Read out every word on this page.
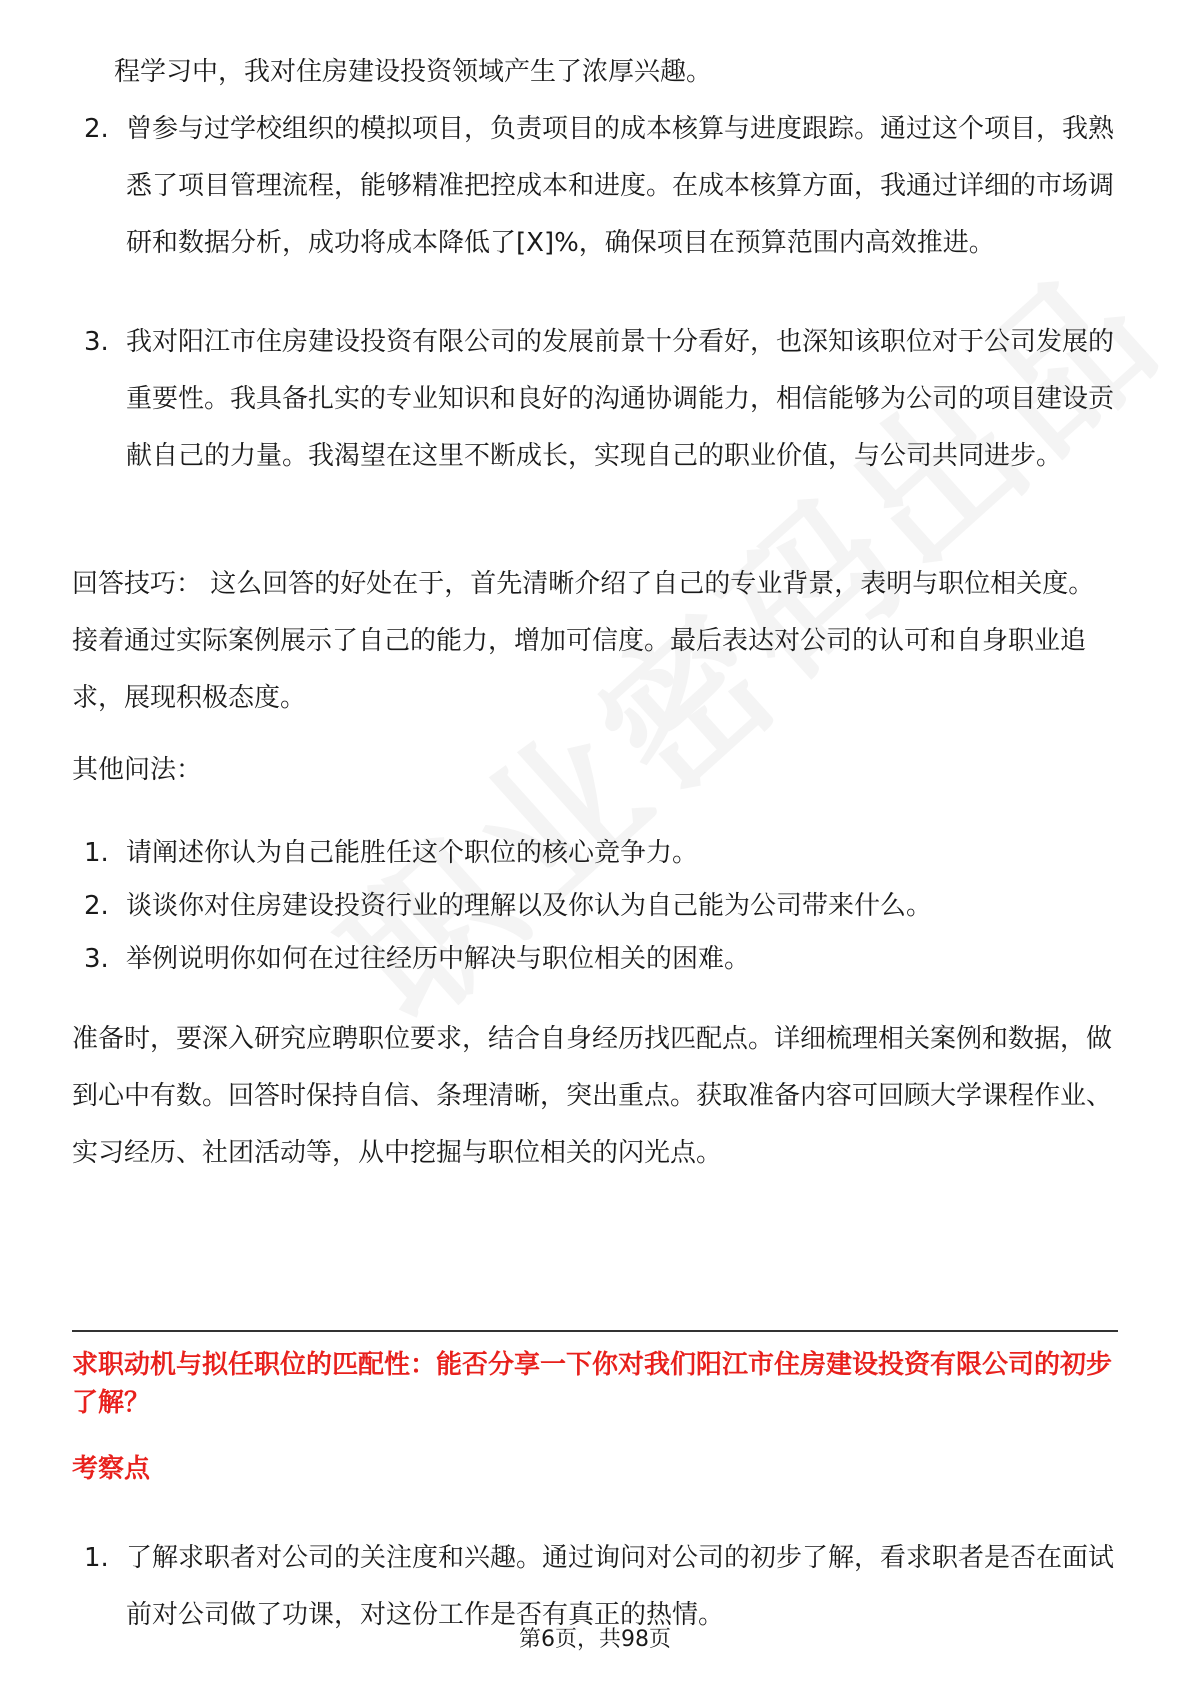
程学习中，我对住房建设投资领域产生了浓厚兴趣。
2. 曾参与过学校组织的模拟项目，负责项目的成本核算与进度跟踪。通过这个项目，我熟悉了项目管理流程，能够精准把控成本和进度。在成本核算方面，我通过详细的市场调研和数据分析，成功将成本降低了[X]%，确保项目在预算范围内高效推进。
3. 我对阳江市住房建设投资有限公司的发展前景十分看好，也深知该职位对于公司发展的重要性。我具备扎实的专业知识和良好的沟通协调能力，相信能够为公司的项目建设贡献自己的力量。我渴望在这里不断成长，实现自己的职业价值，与公司共同进步。
回答技巧： 这么回答的好处在于，首先清晰介绍了自己的专业背景，表明与职位相关度。接着通过实际案例展示了自己的能力，增加可信度。最后表达对公司的认可和自身职业追求，展现积极态度。
其他问法：
1. 请阐述你认为自己能胜任这个职位的核心竞争力。
2. 谈谈你对住房建设投资行业的理解以及你认为自己能为公司带来什么。
3. 举例说明你如何在过往经历中解决与职位相关的困难。
准备时，要深入研究应聘职位要求，结合自身经历找匹配点。详细梳理相关案例和数据，做到心中有数。回答时保持自信、条理清晰，突出重点。获取准备内容可回顾大学课程作业、实习经历、社团活动等，从中挖掘与职位相关的闪光点。
求职动机与拟任职位的匹配性：能否分享一下你对我们阳江市住房建设投资有限公司的初步了解？
考察点
1. 了解求职者对公司的关注度和兴趣。通过询问对公司的初步了解，看求职者是否在面试前对公司做了功课，对这份工作是否有真正的热情。
第6页，共98页
